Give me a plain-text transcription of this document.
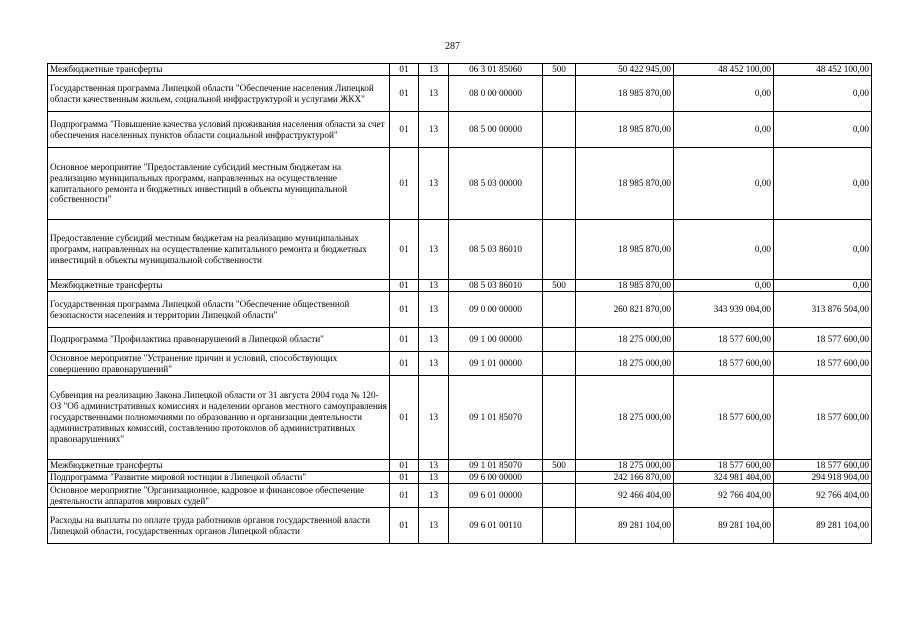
287
Межбюджетные трансферты	01	13	06 3 01 85060	500	50 422 945,00	48 452 100,00	48 452 100,00
Государственная программа Липецкой области "Обеспечение населения Липецкой области качественным жильем, социальной инфраструктурой и услугами ЖКХ"	01	13	08 0 00 00000		18 985 870,00	0,00	0,00
Подпрограмма "Повышение качества условий проживания населения области за счет обеспечения населенных пунктов области социальной инфраструктурой"	01	13	08 5 00 00000		18 985 870,00	0,00	0,00
Основное мероприятие "Предоставление субсидий местным бюджетам на реализацию муниципальных программ, направленных на осуществление капитального ремонта и бюджетных инвестиций в объекты муниципальной собственности"	01	13	08 5 03 00000		18 985 870,00	0,00	0,00
Предоставление субсидий местным бюджетам на реализацию муниципальных программ, направленных на осуществление капитального ремонта и бюджетных инвестиций в объекты муниципальной собственности	01	13	08 5 03 86010		18 985 870,00	0,00	0,00
Межбюджетные трансферты	01	13	08 5 03 86010	500	18 985 870,00	0,00	0,00
Государственная программа Липецкой области "Обеспечение общественной безопасности населения и территории Липецкой области"	01	13	09 0 00 00000		260 821 870,00	343 939 004,00	313 876 504,00
Подпрограмма "Профилактика правонарушений в Липецкой области"	01	13	09 1 00 00000		18 275 000,00	18 577 600,00	18 577 600,00
Основное мероприятие "Устранение причин и условий, способствующих совершению правонарушений"	01	13	09 1 01 00000		18 275 000,00	18 577 600,00	18 577 600,00
Субвенция на реализацию Закона Липецкой области от 31 августа 2004 года № 120-ОЗ "Об административных комиссиях и наделении органов местного самоуправления государственными полномочиями по образованию и организации деятельности административных комиссий, составлению протоколов об административных правонарушениях"	01	13	09 1 01 85070		18 275 000,00	18 577 600,00	18 577 600,00
Межбюджетные трансферты	01	13	09 1 01 85070	500	18 275 000,00	18 577 600,00	18 577 600,00
Подпрограмма "Развитие мировой юстиции в Липецкой области"	01	13	09 6 00 00000		242 166 870,00	324 981 404,00	294 918 904,00
Основное мероприятие "Организационное, кадровое и финансовое обеспечение деятельности аппаратов мировых судей"	01	13	09 6 01 00000		92 466 404,00	92 766 404,00	92 766 404,00
Расходы на выплаты по оплате труда работников органов государственной власти Липецкой области, государственных органов Липецкой области	01	13	09 6 01 00110		89 281 104,00	89 281 104,00	89 281 104,00
